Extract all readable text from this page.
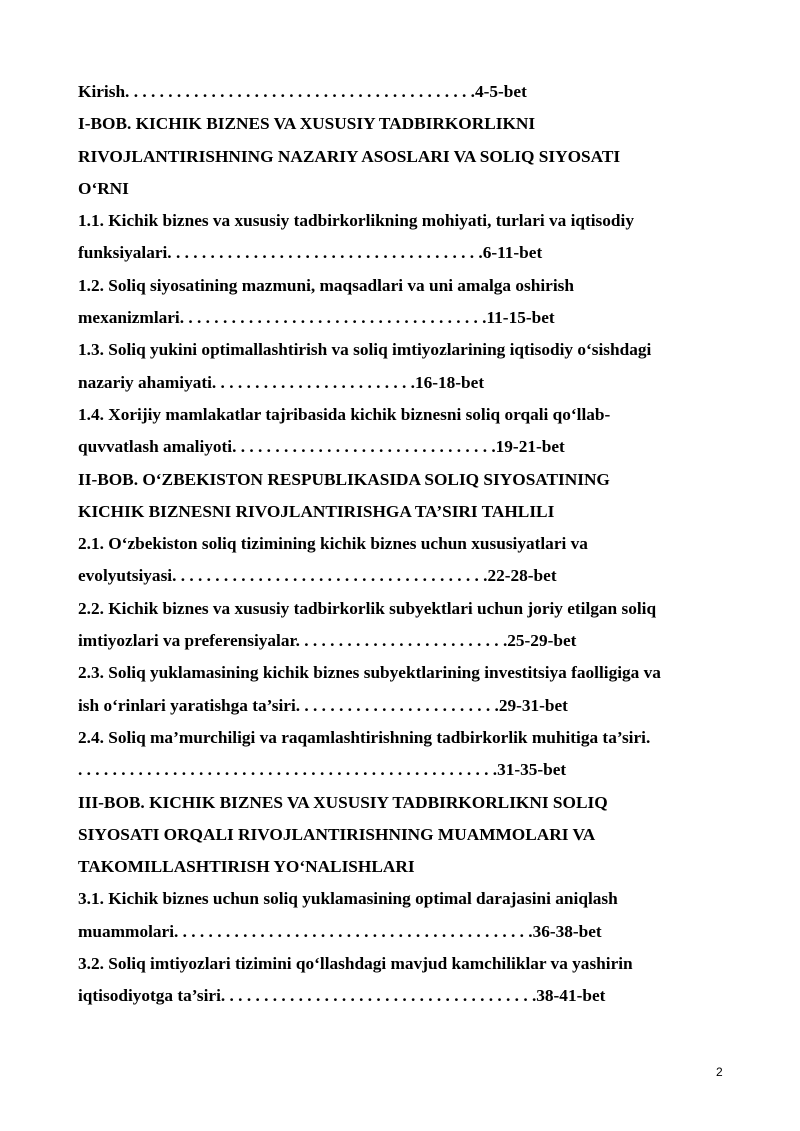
Kirish. . . . . . . . . . . . . . . . . . . . . . . . . . . . . . . . . . . . . . . . .4-5-bet
I-BOB. KICHIK BIZNES VA XUSUSIY TADBIRKORLIKNI
RIVOJLANTIRISHNING NAZARIY ASOSLARI VA SOLIQ SIYOSATI
O‘RNI
1.1. Kichik biznes va xususiy tadbirkorlikning mohiyati, turlari va iqtisodiy
funksiyalari. . . . . . . . . . . . . . . . . . . . . . . . . . . . . . . . . . . . .6-11-bet
1.2. Soliq siyosatining mazmuni, maqsadlari va uni amalga oshirish
mexanizmlari. . . . . . . . . . . . . . . . . . . . . . . . . . . . . . . . . . . .11-15-bet
1.3. Soliq yukini optimallashtirish va soliq imtiyozlarining iqtisodiy o‘sishdagi
nazariy ahamiyati. . . . . . . . . . . . . . . . . . . . . . . .16-18-bet
1.4. Xorijiy mamlakatlar tajribasida kichik biznesni soliq orqali qo‘llab-
quvvatlash amaliyoti. . . . . . . . . . . . . . . . . . . . . . . . . . . . . . .19-21-bet
II-BOB. O‘ZBEKISTON RESPUBLIKASIDA SOLIQ SIYOSATINING
KICHIK BIZNESNI RIVOJLANTIRISHGA TA’SIRI TAHLILI
2.1. O‘zbekiston soliq tizimining kichik biznes uchun xususiyatlari va
evolyutsiyasi. . . . . . . . . . . . . . . . . . . . . . . . . . . . . . . . . . . . .22-28-bet
2.2. Kichik biznes va xususiy tadbirkorlik subyektlari uchun joriy etilgan soliq
imtiyozlari va preferensiyalar. . . . . . . . . . . . . . . . . . . . . . . . .25-29-bet
2.3. Soliq yuklamasining kichik biznes subyektlarining investitsiya faolligiga va
ish o‘rinlari yaratishga ta’siri. . . . . . . . . . . . . . . . . . . . . . . .29-31-bet
2.4. Soliq ma’murchiligi va raqamlashtirishning tadbirkorlik muhitiga ta’siri.
. . . . . . . . . . . . . . . . . . . . . . . . . . . . . . . . . . . . . . . . . . . . . . . . .31-35-bet
III-BOB. KICHIK BIZNES VA XUSUSIY TADBIRKORLIKNI SOLIQ
SIYOSATI ORQALI RIVOJLANTIRISHNING MUAMMOLARI VA
TAKOMILLASHTIRISH YO‘NALISHLARI
3.1. Kichik biznes uchun soliq yuklamasining optimal darajasini aniqlash
muammolari. . . . . . . . . . . . . . . . . . . . . . . . . . . . . . . . . . . . . . . . . .36-38-bet
3.2. Soliq imtiyozlari tizimini qo‘llashdagi mavjud kamchiliklar va yashirin
iqtisodiyotga ta’siri. . . . . . . . . . . . . . . . . . . . . . . . . . . . . . . . . . . . .38-41-bet
2
